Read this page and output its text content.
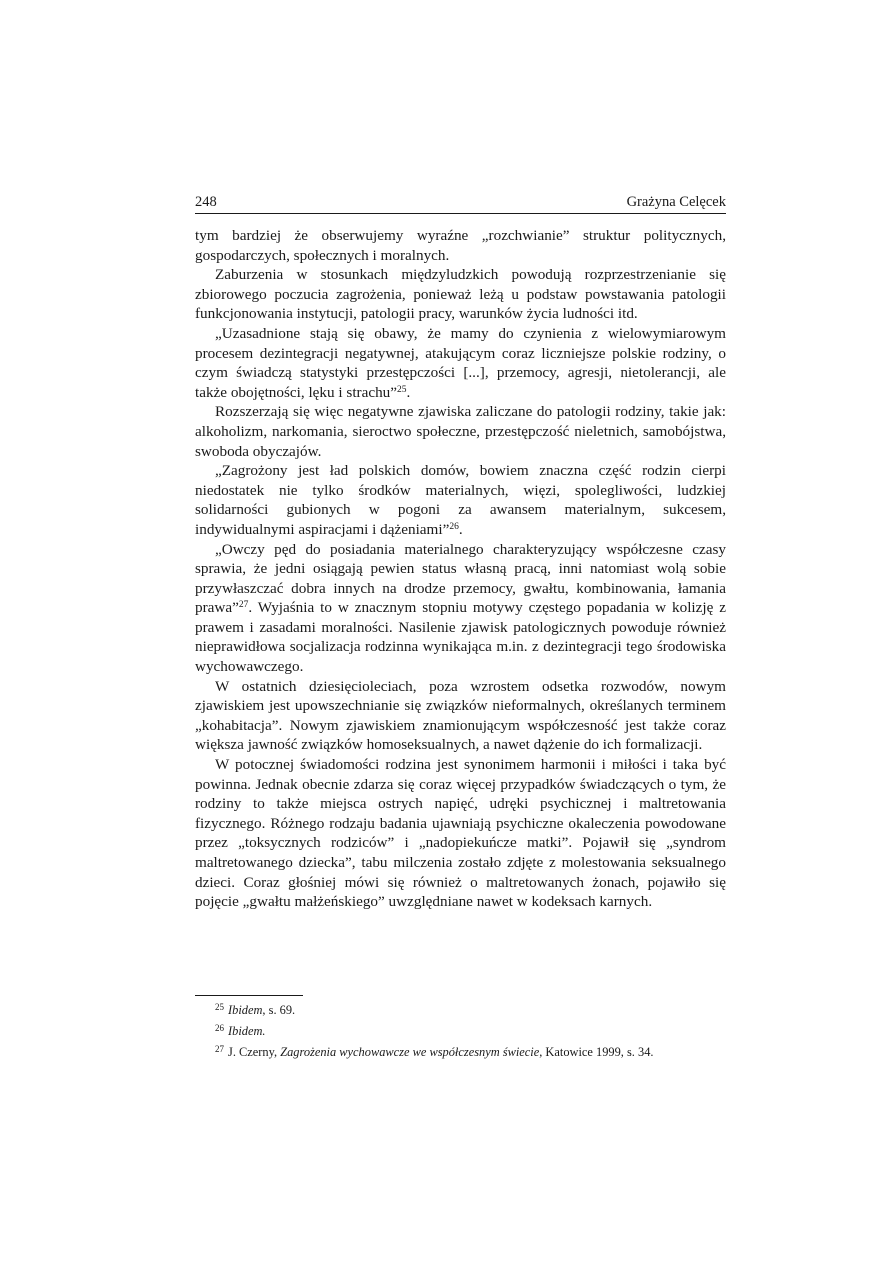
248	Grażyna Celęcek

tym bardziej że obserwujemy wyraźne „rozchwianie” struktur politycznych, gospodarczych, społecznych i moralnych.

Zaburzenia w stosunkach międzyludzkich powodują rozprzestrzenianie się zbiorowego poczucia zagrożenia, ponieważ leżą u podstaw powstawania patologii funkcjonowania instytucji, patologii pracy, warunków życia ludności itd.

„Uzasadnione stają się obawy, że mamy do czynienia z wielowymiarowym procesem dezintegracji negatywnej, atakującym coraz liczniejsze polskie rodziny, o czym świadczą statystyki przestępczości [...], przemocy, agresji, nietolerancji, ale także obojętności, lęku i strachu”$^{25}$.

Rozszerzają się więc negatywne zjawiska zaliczane do patologii rodziny, takie jak: alkoholizm, narkomania, sieroctwo społeczne, przestępczość nieletnich, samobójstwa, swoboda obyczajów.

„Zagrożony jest ład polskich domów, bowiem znaczna część rodzin cierpi niedostatek nie tylko środków materialnych, więzi, spolegliwości, ludzkiej solidarności gubionych w pogoni za awansem materialnym, sukcesem, indywidualnymi aspiracjami i dążeniami”$^{26}$.

„Owczy pęd do posiadania materialnego charakteryzujący współczesne czasy sprawia, że jedni osiągają pewien status własną pracą, inni natomiast wolą sobie przywłaszczać dobra innych na drodze przemocy, gwałtu, kombinowania, łamania prawa”$^{27}$. Wyjaśnia to w znacznym stopniu motywy częstego popadania w kolizję z prawem i zasadami moralności. Nasilenie zjawisk patologicznych powoduje również nieprawidłowa socjalizacja rodzinna wynikająca m.in. z dezintegracji tego środowiska wychowawczego.

W ostatnich dziesięcioleciach, poza wzrostem odsetka rozwodów, nowym zjawiskiem jest upowszechnianie się związków nieformalnych, określanych terminem „kohabitacja”. Nowym zjawiskiem znamionującym współczesność jest także coraz większa jawność związków homoseksualnych, a nawet dążenie do ich formalizacji.

W potocznej świadomości rodzina jest synonimem harmonii i miłości i taka być powinna. Jednak obecnie zdarza się coraz więcej przypadków świadczących o tym, że rodziny to także miejsca ostrych napięć, udręki psychicznej i maltretowania fizycznego. Różnego rodzaju badania ujawniają psychiczne okaleczenia powodowane przez „toksycznych rodziców” i „nadopiekuńcze matki”. Pojawił się „syndrom maltretowanego dziecka”, tabu milczenia zostało zdjęte z molestowania seksualnego dzieci. Coraz głośniej mówi się również o maltretowanych żonach, pojawiło się pojęcie „gwałtu małżeńskiego” uwzględniane nawet w kodeksach karnych.

$^{25}$ Ibidem, s. 69.
$^{26}$ Ibidem.
$^{27}$ J. Czerny, Zagrożenia wychowawcze we współczesnym świecie, Katowice 1999, s. 34.
